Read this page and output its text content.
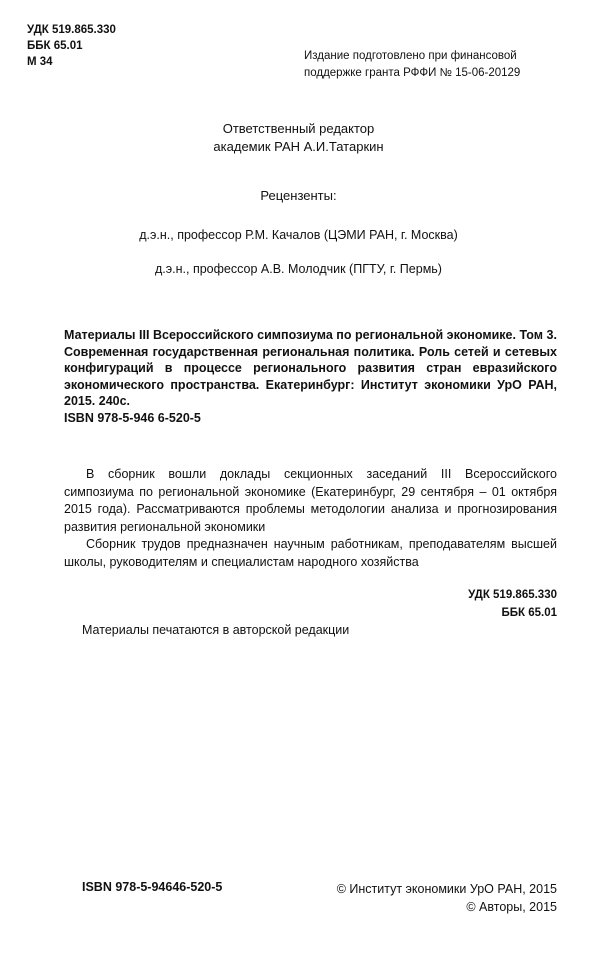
УДК 519.865.330
ББК 65.01
М 34	Издание подготовлено при финансовой
поддержке гранта РФФИ № 15-06-20129
Ответственный редактор
академик РАН А.И.Татаркин
Рецензенты:
д.э.н., профессор Р.М. Качалов (ЦЭМИ РАН, г. Москва)
д.э.н., профессор А.В. Молодчик (ПГТУ, г. Пермь)
Материалы III Всероссийского симпозиума по региональной экономике. Том 3. Современная государственная региональная политика. Роль сетей и сетевых конфигураций в процессе регионального развития стран евразийского экономического пространства. Екатеринбург: Институт экономики УрО РАН, 2015. 240с.
ISBN 978-5-946 6-520-5

В сборник вошли доклады секционных заседаний III Всероссийского симпозиума по региональной экономике (Екатеринбург, 29 сентября – 01 октября 2015 года). Рассматриваются проблемы методологии анализа и прогнозирования развития региональной экономики

Сборник трудов предназначен научным работникам, преподавателям высшей школы, руководителям и специалистам народного хозяйства

УДК 519.865.330
ББК 65.01
Материалы печатаются в авторской редакции
ISBN 978-5-94646-520-5	© Институт экономики УрО РАН, 2015
© Авторы, 2015
